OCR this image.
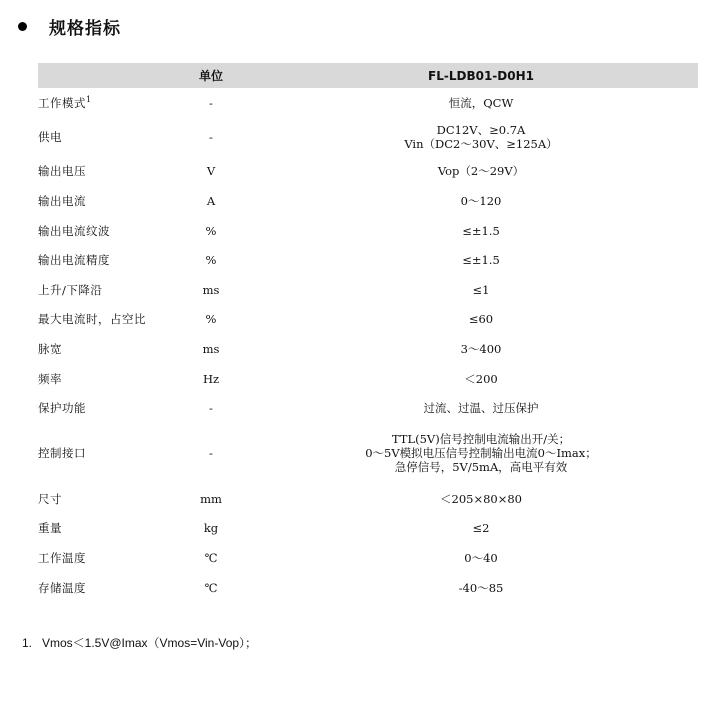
规格指标
	单位	FL-LDB01-D0H1
工作模式$^1$	-	恒流，QCW

供电	-	DC12V、≥0.7A
Vin（DC2～30V、≥125A）

输出电压	V	Vop（2～29V）

输出电流	A	0～120

输出电流纹波	%	≤±1.5

输出电流精度	%	≤±1.5

上升/下降沿	ms	≤1

最大电流时，占空比	%	≤60

脉宽	ms	3～400

频率	Hz	＜200

保护功能	-	过流、过温、过压保护

控制接口	-	TTL(5V)信号控制电流输出开/关；
0～5V模拟电压信号控制输出电流0～Imax；
急停信号，5V/5mA，高电平有效

尺寸	mm	＜205×80×80

重量	kg	≤2

工作温度	℃	0～40

存储温度	℃	-40～85
1. Vmos＜1.5V@Imax（Vmos=Vin-Vop）；
